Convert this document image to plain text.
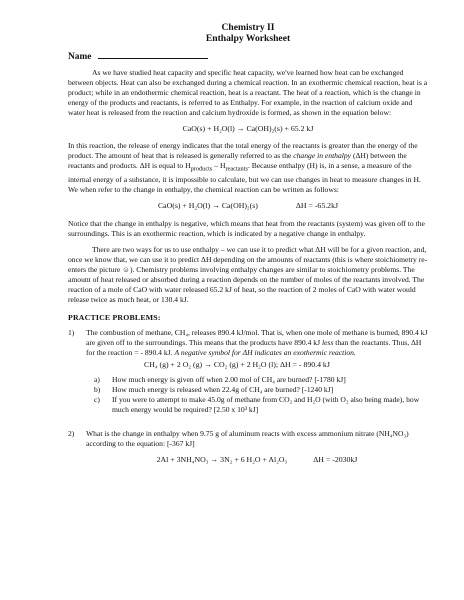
Chemistry II
Enthalpy Worksheet
Name

As we have studied heat capacity and specific heat capacity, we've learned how heat can be exchanged between objects. Heat can also be exchanged during a chemical reaction. In an exothermic chemical reaction, heat is a product; while in an endothermic chemical reaction, heat is a reactant. The heat of a reaction, which is the change in energy of the products and reactants, is referred to as Enthalpy. For example, in the reaction of calcium oxide and water heat is released from the reaction and calcium hydroxide is formed, as shown in the equation below:

CaO(s) + H₂O(l) → Ca(OH)₂(s) + 65.2 kJ

In this reaction, the release of energy indicates that the total energy of the reactants is greater than the energy of the product. The amount of heat that is released is generally referred to as the change in enthalpy (ΔH) between the reactants and products. ΔH is equal to $H_{products} - H_{reactants}$. Because enthalpy (H) is, in a sense, a measure of the internal energy of a substance, it is impossible to calculate, but we can use changes in heat to measure changes in H. We when refer to the change in enthalpy, the chemical reaction can be written as follows:

CaO(s) + H₂O(l) → Ca(OH)₂(s)	ΔH = -65.2kJ

Notice that the change in enthalpy is negative, which means that heat from the reactants (system) was given off to the surroundings. This is an exothermic reaction, which is indicated by a negative change in enthalpy.

There are two ways for us to use enthalpy – we can use it to predict what ΔH will be for a given reaction, and, once we know that, we can use it to predict ΔH depending on the amounts of reactants (this is where stoichiometry re-enters the picture ☺). Chemistry problems involving enthalpy changes are similar to stoichiometry problems. The amount of heat released or absorbed during a reaction depends on the number of moles of the reactants involved. The reaction of a mole of CaO with water released 65.2 kJ of heat, so the reaction of 2 moles of CaO with water would release twice as much heat, or 130.4 kJ.

PRACTICE PROBLEMS:
1) The combustion of methane, CH₄, releases 890.4 kJ/mol. That is, when one mole of methane is burned, 890.4 kJ are given off to the surroundings. This means that the products have 890.4 kJ less than the reactants. Thus, ΔH for the reaction = - 890.4 kJ. A negative symbol for ΔH indicates an exothermic reaction.
CH₄ (g) + 2 O₂ (g) → CO₂ (g) + 2 H₂O (l); ΔH = - 890.4 kJ
a) How much energy is given off when 2.00 mol of CH₄ are burned? [-1780 kJ]
b) How much energy is released when 22.4g of CH₄ are burned? [-1240 kJ]
c) If you were to attempt to make 45.0g of methane from CO₂ and H₂O (with O₂ also being made), how much energy would be required? [2.50 x 10³ kJ]
2) What is the change in enthalpy when 9.75 g of aluminum reacts with excess ammonium nitrate (NH₄NO₃) according to the equation: [-367 kJ]
2Al + 3NH₄NO₃ → 3N₂ + 6 H₂O + Al₂O₃	ΔH = -2030kJ
